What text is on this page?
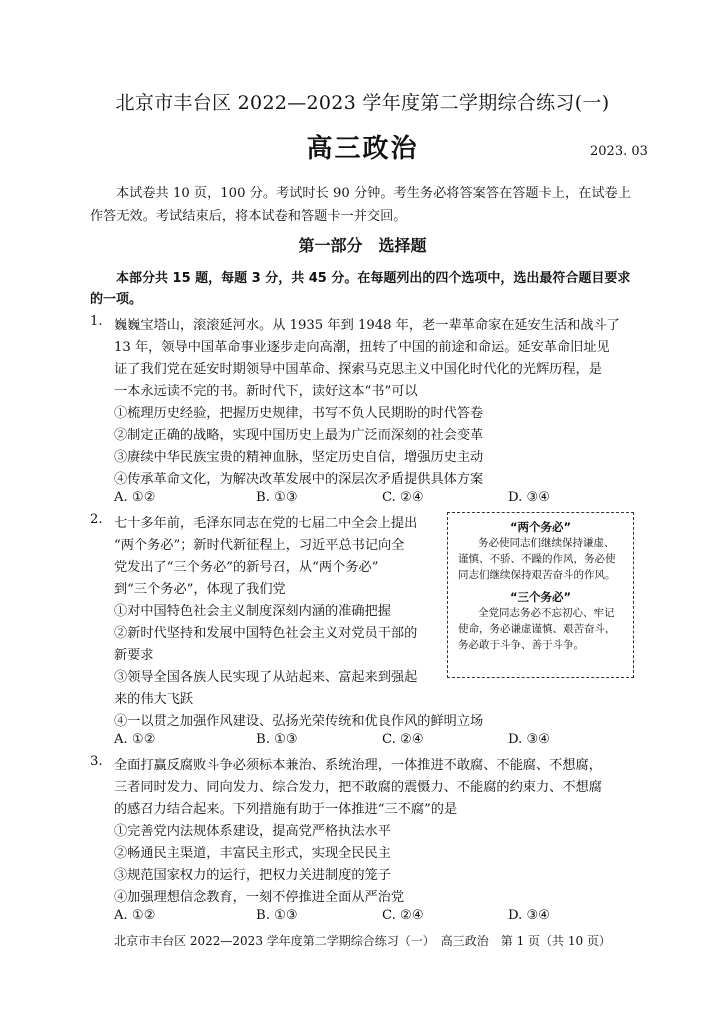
北京市丰台区 2022—2023 学年度第二学期综合练习(一)
高三政治	2023. 03
本试卷共 10 页，100 分。考试时长 90 分钟。考生务必将答案答在答题卡上，在试卷上作答无效。考试结束后，将本试卷和答题卡一并交回。
第一部分　选择题
本部分共 15 题，每题 3 分，共 45 分。在每题列出的四个选项中，选出最符合题目要求的一项。
1. 巍巍宝塔山，滚滚延河水。从 1935 年到 1948 年，老一辈革命家在延安生活和战斗了
13 年，领导中国革命事业逐步走向高潮，扭转了中国的前途和命运。延安革命旧址见
证了我们党在延安时期领导中国革命、探索马克思主义中国化时代化的光辉历程，是
一本永远读不完的书。新时代下，读好这本“书”可以
①梳理历史经验，把握历史规律，书写不负人民期盼的时代答卷
②制定正确的战略，实现中国历史上最为广泛而深刻的社会变革
③赓续中华民族宝贵的精神血脉，坚定历史自信，增强历史主动
④传承革命文化，为解决改革发展中的深层次矛盾提供具体方案
A. ①②	B. ①③	C. ②④	D. ③④
2. 七十多年前，毛泽东同志在党的七届二中全会上提出
“两个务必”；新时代新征程上，习近平总书记向全
党发出了“三个务必”的新号召，从“两个务必”
到“三个务必”，体现了我们党
①对中国特色社会主义制度深刻内涵的准确把握
②新时代坚持和发展中国特色社会主义对党员干部的
新要求
③领导全国各族人民实现了从站起来、富起来到强起
来的伟大飞跃
④一以贯之加强作风建设、弘扬光荣传统和优良作风的鲜明立场
A. ①②	B. ①③	C. ②④	D. ③④
“两个务必”
务必使同志们继续保持谦虚、谨慎、不骄、不躁的作风，务必使同志们继续保持艰苦奋斗的作风。
“三个务必”
全党同志务必不忘初心、牢记使命，务必谦虚谨慎、艰苦奋斗，务必敢于斗争、善于斗争。
3. 全面打赢反腐败斗争必须标本兼治、系统治理，一体推进不敢腐、不能腐、不想腐，
三者同时发力、同向发力、综合发力，把不敢腐的震慑力、不能腐的约束力、不想腐
的感召力结合起来。下列措施有助于一体推进“三不腐”的是
①完善党内法规体系建设，提高党严格执法水平
②畅通民主渠道，丰富民主形式，实现全民民主
③规范国家权力的运行，把权力关进制度的笼子
④加强理想信念教育，一刻不停推进全面从严治党
A. ①②	B. ①③	C. ②④	D. ③④
北京市丰台区 2022—2023 学年度第二学期综合练习（一）　高三政治　第 1 页（共 10 页）
